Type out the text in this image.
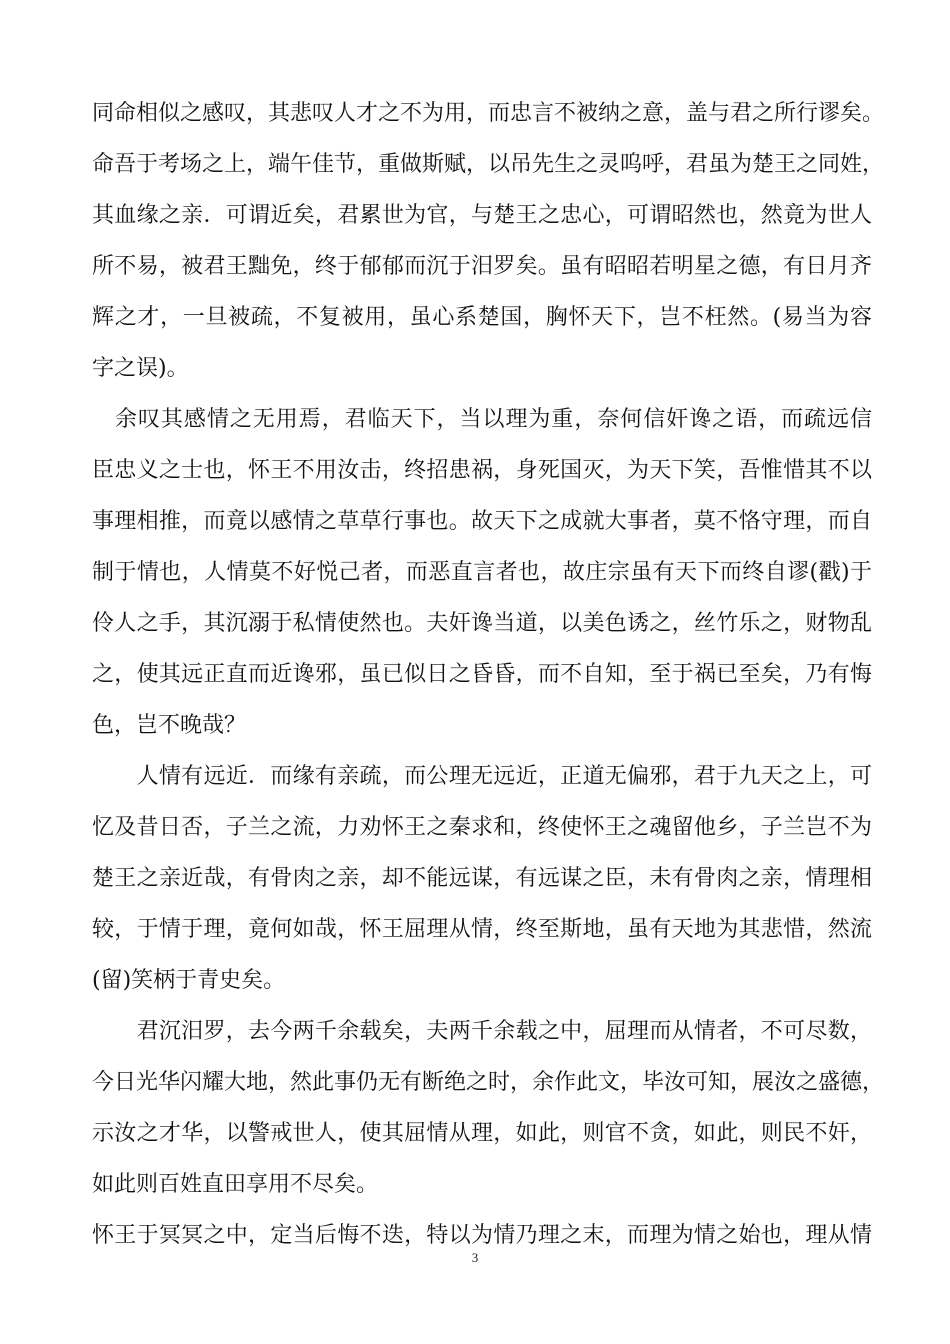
同命相似之感叹，其悲叹人才之不为用，而忠言不被纳之意，盖与君之所行谬矣。
命吾于考场之上，端午佳节，重做斯赋，以吊先生之灵呜呼，君虽为楚王之同姓，
其血缘之亲．可谓近矣，君累世为官，与楚王之忠心，可谓昭然也，然竟为世人
所不易，被君王黜免，终于郁郁而沉于汨罗矣。虽有昭昭若明星之德，有日月齐
辉之才，一旦被疏，不复被用，虽心系楚国，胸怀天下，岂不枉然。(易当为容
字之误)。
　余叹其感情之无用焉，君临天下，当以理为重，奈何信奸谗之语，而疏远信
臣忠义之士也，怀王不用汝击，终招患祸，身死国灭，为天下笑，吾惟惜其不以
事理相推，而竟以感情之草草行事也。故天下之成就大事者，莫不恪守理，而自
制于情也，人情莫不好悦己者，而恶直言者也，故庄宗虽有天下而终自谬(戳)于
伶人之手，其沉溺于私情使然也。夫奸谗当道，以美色诱之，丝竹乐之，财物乱
之，使其远正直而近谗邪，虽已似日之昏昏，而不自知，至于祸已至矣，乃有悔
色，岂不晚哉？
　　人情有远近．而缘有亲疏，而公理无远近，正道无偏邪，君于九天之上，可
忆及昔日否，子兰之流，力劝怀王之秦求和，终使怀王之魂留他乡，子兰岂不为
楚王之亲近哉，有骨肉之亲，却不能远谋，有远谋之臣，未有骨肉之亲，情理相
较，于情于理，竟何如哉，怀王屈理从情，终至斯地，虽有天地为其悲惜，然流
(留)笑柄于青史矣。
　　君沉汨罗，去今两千余载矣，夫两千余载之中，屈理而从情者，不可尽数，
今日光华闪耀大地，然此事仍无有断绝之时，余作此文，毕汝可知，展汝之盛德，
示汝之才华，以警戒世人，使其屈情从理，如此，则官不贪，如此，则民不奸，
如此则百姓直田享用不尽矣。
怀王于冥冥之中，定当后悔不迭，特以为情乃理之末，而理为情之始也，理从情
3
